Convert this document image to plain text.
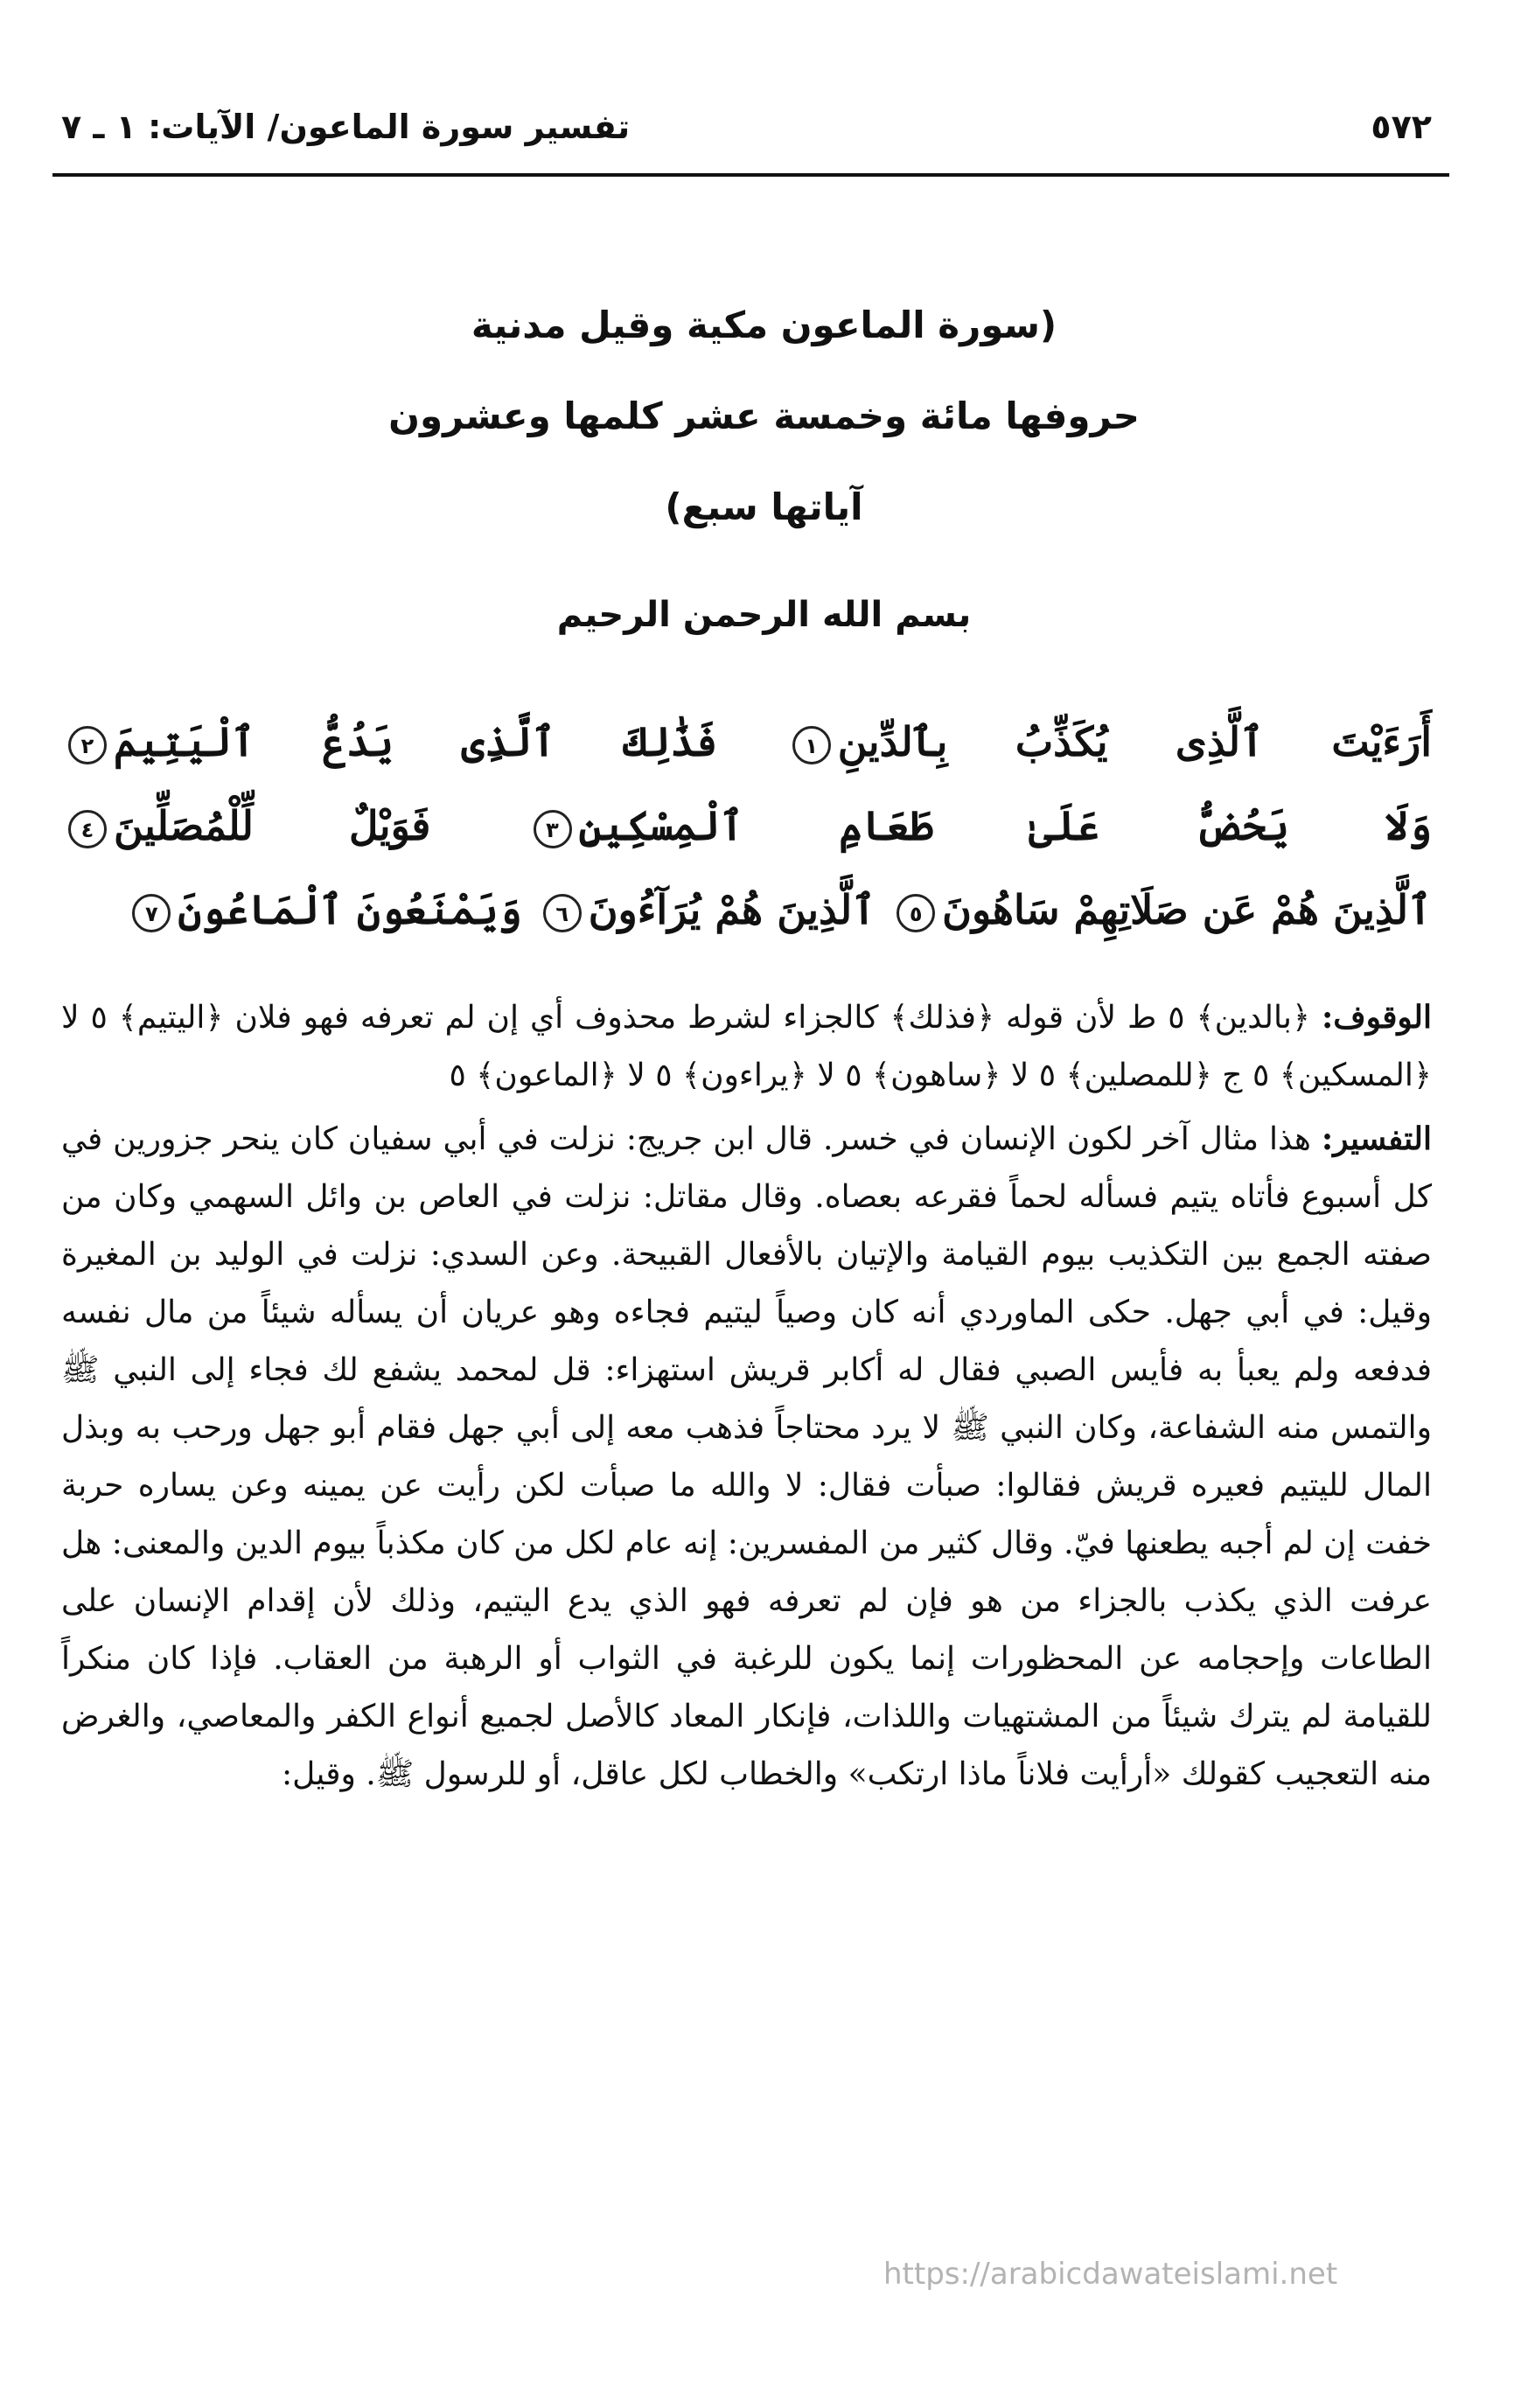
٥٧٢
تفسير سورة الماعون/ الآيات: ١ ـ ٧
(سورة الماعون مكية وقيل مدنية
حروفها مائة وخمسة عشر كلمها وعشرون
آياتها سبع)
بسم الله الرحمن الرحيم
أَرَءَيْتَ ٱلَّذِى يُكَذِّبُ بِٱلدِّينِ١ فَذَٰلِكَ ٱلَّذِى يَدُعُّ ٱلْيَتِيمَ٢ وَلَا يَحُضُّ عَلَىٰ طَعَامِ ٱلْمِسْكِينِ٣ فَوَيْلٌ لِّلْمُصَلِّينَ٤ ٱلَّذِينَ هُمْ عَن صَلَاتِهِمْ سَاهُونَ٥ ٱلَّذِينَ هُمْ يُرَآءُونَ٦ وَيَمْنَعُونَ ٱلْمَاعُونَ٧

الوقوف: ﴿بالدين﴾ ٥ ط لأن قوله ﴿فذلك﴾ كالجزاء لشرط محذوف أي إن لم تعرفه فهو فلان ﴿اليتيم﴾ ٥ لا ﴿المسكين﴾ ٥ ج ﴿للمصلين﴾ ٥ لا ﴿ساهون﴾ ٥ لا ﴿يراءون﴾ ٥ لا ﴿الماعون﴾ ٥

التفسير: هذا مثال آخر لكون الإنسان في خسر. قال ابن جريج: نزلت في أبي سفيان كان ينحر جزورين في كل أسبوع فأتاه يتيم فسأله لحماً فقرعه بعصاه. وقال مقاتل: نزلت في العاص بن وائل السهمي وكان من صفته الجمع بين التكذيب بيوم القيامة والإتيان بالأفعال القبيحة. وعن السدي: نزلت في الوليد بن المغيرة وقيل: في أبي جهل. حكى الماوردي أنه كان وصياً ليتيم فجاءه وهو عريان أن يسأله شيئاً من مال نفسه فدفعه ولم يعبأ به فأيس الصبي فقال له أكابر قريش استهزاء: قل لمحمد يشفع لك فجاء إلى النبي ﷺ والتمس منه الشفاعة، وكان النبي ﷺ لا يرد محتاجاً فذهب معه إلى أبي جهل فقام أبو جهل ورحب به وبذل المال لليتيم فعيره قريش فقالوا: صبأت فقال: لا والله ما صبأت لكن رأيت عن يمينه وعن يساره حربة خفت إن لم أجبه يطعنها فيّ. وقال كثير من المفسرين: إنه عام لكل من كان مكذباً بيوم الدين والمعنى: هل عرفت الذي يكذب بالجزاء من هو فإن لم تعرفه فهو الذي يدع اليتيم، وذلك لأن إقدام الإنسان على الطاعات وإحجامه عن المحظورات إنما يكون للرغبة في الثواب أو الرهبة من العقاب. فإذا كان منكراً للقيامة لم يترك شيئاً من المشتهيات واللذات، فإنكار المعاد كالأصل لجميع أنواع الكفر والمعاصي، والغرض منه التعجيب كقولك «أرأيت فلاناً ماذا ارتكب» والخطاب لكل عاقل، أو للرسول ﷺ. وقيل:

https://arabicdawateislami.net
